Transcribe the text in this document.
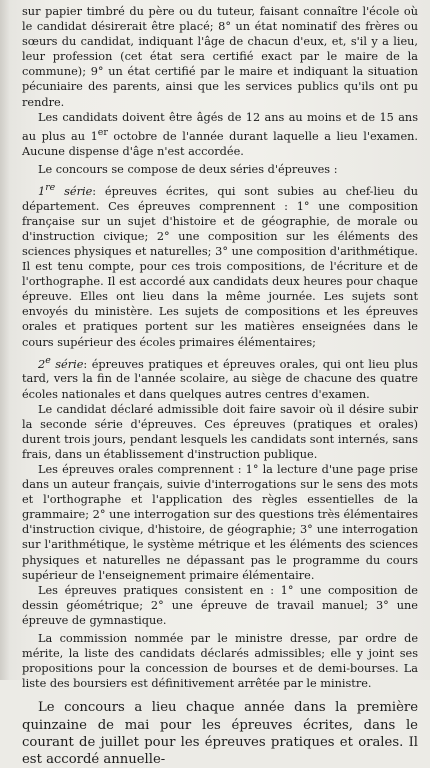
sur papier timbré du père ou du tuteur, faisant connaître l'école où le candidat désirerait être placé; 8° un état nominatif des frères ou sœurs du candidat, indiquant l'âge de chacun d'eux, et, s'il y a lieu, leur profession (cet état sera certifié exact par le maire de la commune); 9° un état certifié par le maire et indiquant la situation pécuniaire des parents, ainsi que les services publics qu'ils ont pu rendre.

Les candidats doivent être âgés de 12 ans au moins et de 15 ans au plus au 1er octobre de l'année durant laquelle a lieu l'examen. Aucune dispense d'âge n'est accordée.

Le concours se compose de deux séries d'épreuves :

1re série: épreuves écrites, qui sont subies au chef-lieu du département. Ces épreuves comprennent : 1° une composition française sur un sujet d'histoire et de géographie, de morale ou d'instruction civique; 2° une composition sur les éléments des sciences physiques et naturelles; 3° une composition d'arithmétique. Il est tenu compte, pour ces trois compositions, de l'écriture et de l'orthographe. Il est accordé aux candidats deux heures pour chaque épreuve. Elles ont lieu dans la même journée. Les sujets sont envoyés du ministère. Les sujets de compositions et les épreuves orales et pratiques portent sur les matières enseignées dans le cours supérieur des écoles primaires élémentaires;

2e série: épreuves pratiques et épreuves orales, qui ont lieu plus tard, vers la fin de l'année scolaire, au siège de chacune des quatre écoles nationales et dans quelques autres centres d'examen.

Le candidat déclaré admissible doit faire savoir où il désire subir la seconde série d'épreuves. Ces épreuves (pratiques et orales) durent trois jours, pendant lesquels les candidats sont internés, sans frais, dans un établissement d'instruction publique.

Les épreuves orales comprennent : 1° la lecture d'une page prise dans un auteur français, suivie d'interrogations sur le sens des mots et l'orthographe et l'application des règles essentielles de la grammaire; 2° une interrogation sur des questions très élémentaires d'instruction civique, d'histoire, de géographie; 3° une interrogation sur l'arithmétique, le système métrique et les éléments des sciences physiques et naturelles ne dépassant pas le programme du cours supérieur de l'enseignement primaire élémentaire.

Les épreuves pratiques consistent en : 1° une composition de dessin géométrique; 2° une épreuve de travail manuel; 3° une épreuve de gymnastique.

La commission nommée par le ministre dresse, par ordre de mérite, la liste des candidats déclarés admissibles; elle y joint ses propositions pour la concession de bourses et de demi-bourses. La liste des boursiers est définitivement arrêtée par le ministre.

Le concours a lieu chaque année dans la première quinzaine de mai pour les épreuves écrites, dans le courant de juillet pour les épreuves pratiques et orales. Il est accordé annuelle-
